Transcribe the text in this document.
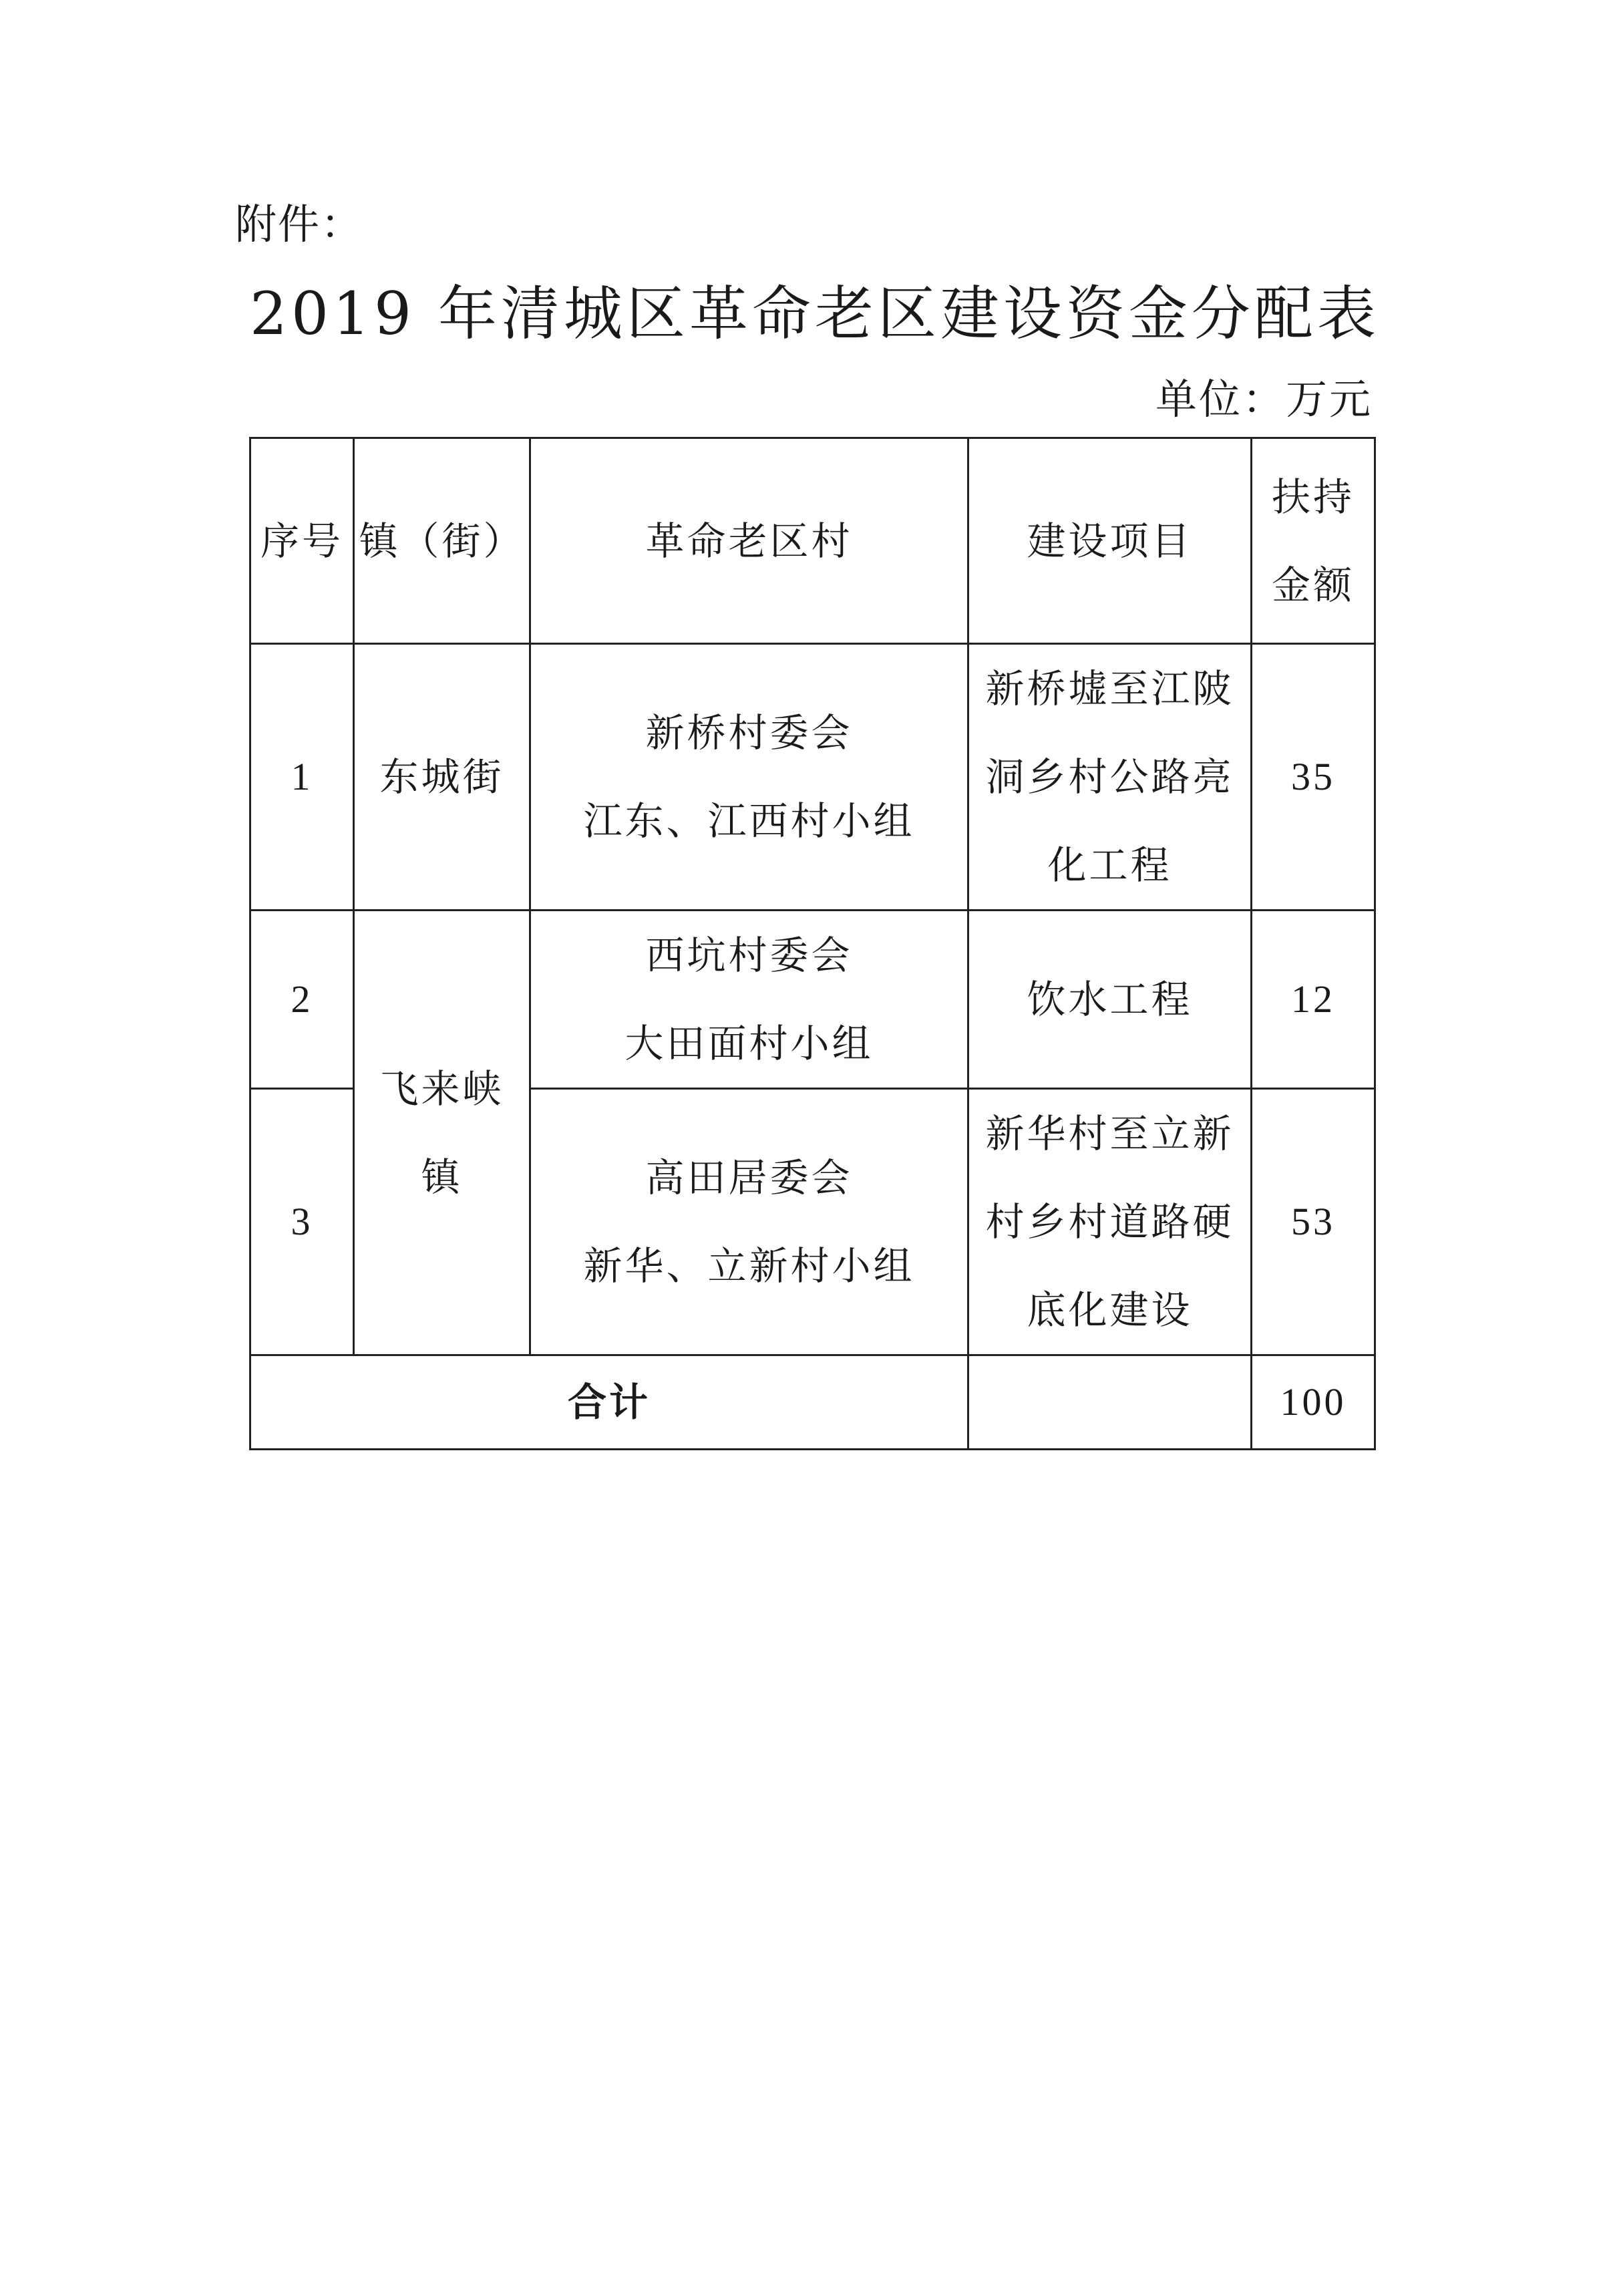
附件：
2019 年清城区革命老区建设资金分配表
单位：万元
序号	镇（街）	革命老区村	建设项目	扶持
金额

1	东城街	新桥村委会
江东、江西村小组	新桥墟至江陂
洞乡村公路亮
化工程	35
2	飞来峡
镇	西坑村委会
大田面村小组	饮水工程	12
3		高田居委会
新华、立新村小组	新华村至立新
村乡村道路硬
底化建设	53
合计				100
